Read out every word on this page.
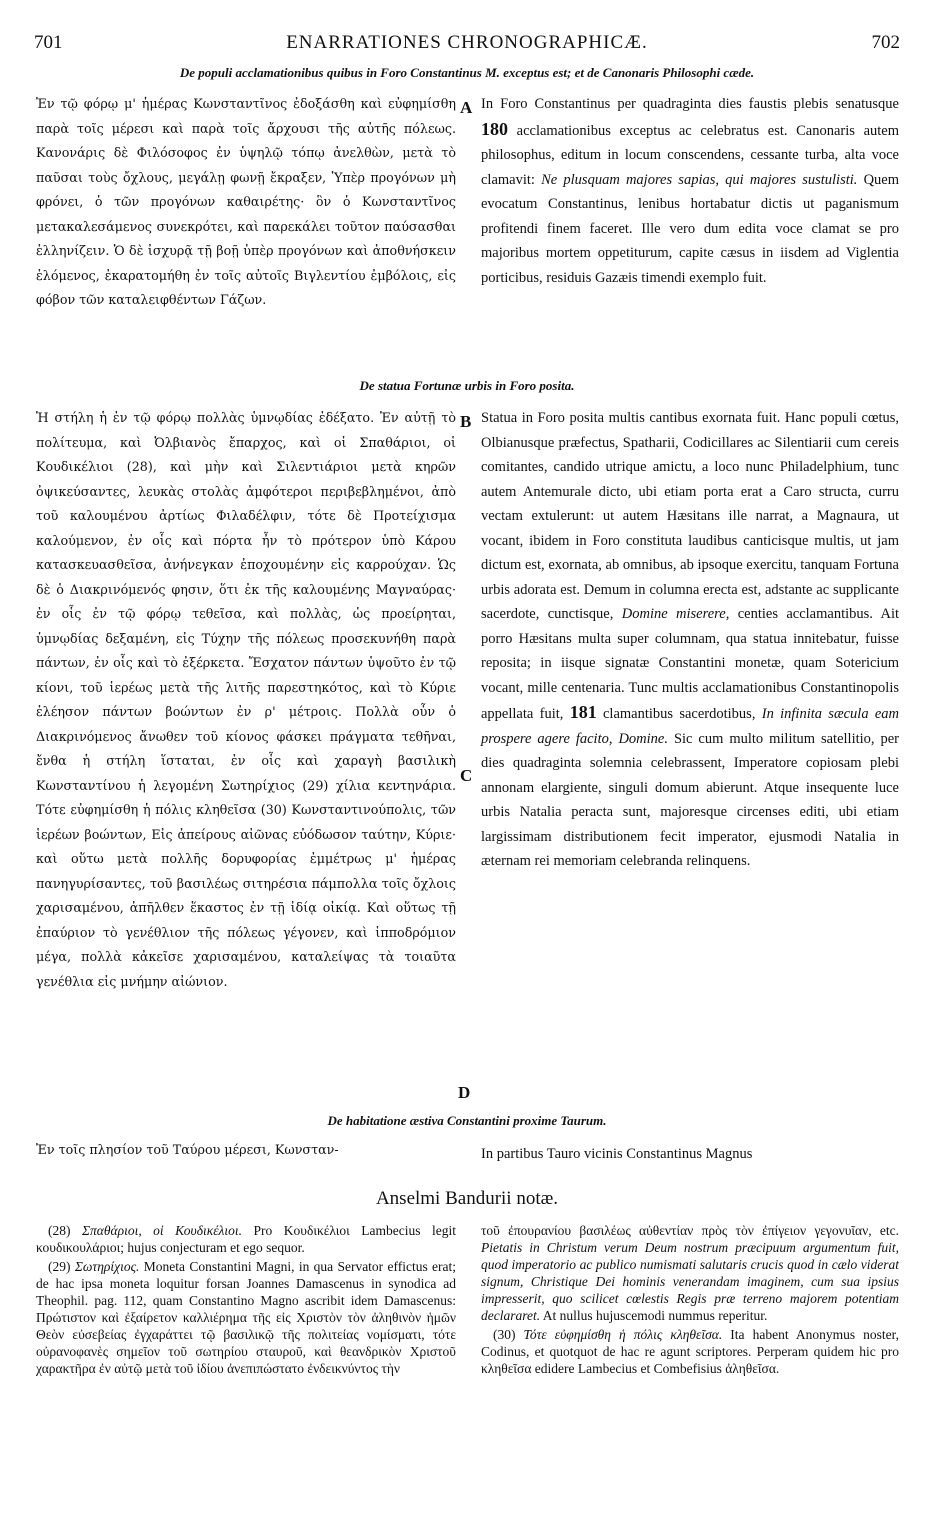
701	ENARRATIONES CHRONOGRAPHICÆ.	702
De populi acclamationibus quibus in Foro Constantinus M. exceptus est; et de Canonaris Philosophi cæde.
Ἐν τῷ φόρῳ μ' ἡμέρας Κωνσταντῖνος ἐδοξάσθη καὶ εὐφημίσθη παρὰ τοῖς μέρεσι καὶ παρὰ τοῖς ἄρχουσι τῆς αὐτῆς πόλεως. Κανονάρις δὲ Φιλόσοφος ἐν ὑψηλῷ τόπῳ ἀνελθὼν, μετὰ τὸ παῦσαι τοὺς ὄχλους, μεγάλῃ φωνῇ ἔκραξεν, Ὑπὲρ προγόνων μὴ φρόνει, ὁ τῶν προγόνων καθαιρέτης· ὃν ὁ Κωνσταντῖνος μετακαλεσάμενος συνεκρότει, καὶ παρεκάλει τοῦτον παύσασθαι ἑλληνίζειν. Ὁ δὲ ἰσχυρᾷ τῇ βοῇ ὑπὲρ προγόνων καὶ ἀποθνήσκειν ἑλόμενος, ἐκαρατομήθη ἐν τοῖς αὐτοῖς Βιγλεντίου ἐμβόλοις, εἰς φόβον τῶν καταλειφθέντων Γάζων.
In Foro Constantinus per quadraginta dies faustis plebis senatusque 180 acclamationibus exceptus ac celebratus est. Canonaris autem philosophus, editum in locum conscendens, cessante turba, alta voce clamavit: Ne plusquam majores sapias, qui majores sustulisti. Quem evocatum Constantinus, lenibus hortabatur dictis ut paganismum profitendi finem faceret. Ille vero dum edita voce clamat se pro majoribus mortem oppetiturum, capite cæsus in iisdem ad Viglentia porticibus, residuis Gazæis timendi exemplo fuit.
A
De statua Fortunæ urbis in Foro posita.
Ἡ στήλη ἡ ἐν τῷ φόρῳ πολλὰς ὑμνῳδίας ἐδέξατο. Ἐν αὐτῇ τὸ πολίτευμα, καὶ Ὀλβιανὸς ἔπαρχος, καὶ οἱ Σπαθάριοι, οἱ Κουδικέλιοι (28), καὶ μὴν καὶ Σιλεντιάριοι μετὰ κηρῶν ὀψικεύσαντες, λευκὰς στολὰς ἀμφότεροι περιβεβλημένοι, ἀπὸ τοῦ καλουμένου ἀρτίως Φιλαδέλφιν, τότε δὲ Προτείχισμα καλούμενον, ἐν οἷς καὶ πόρτα ἦν τὸ πρότερον ὑπὸ Κάρου κατασκευασθεῖσα, ἀνήνεγκαν ἐποχουμένην εἰς καρρούχαν. Ὡς δὲ ὁ Διακρινόμενός φησιν, ὅτι ἐκ τῆς καλουμένης Μαγναύρας· ἐν οἷς ἐν τῷ φόρῳ τεθεῖσα, καὶ πολλὰς, ὡς προείρηται, ὑμνῳδίας δεξαμένη, εἰς Τύχην τῆς πόλεως προσεκυνήθη παρὰ πάντων, ἐν οἷς καὶ τὸ ἐξέρκετα. Ἔσχατον πάντων ὑψοῦτο ἐν τῷ κίονι, τοῦ ἱερέως μετὰ τῆς λιτῆς παρεστηκότος, καὶ τὸ Κύριε ἐλέησον πάντων βοώντων ἐν ρ' μέτροις. Πολλὰ οὖν ὁ Διακρινόμενος ἄνωθεν τοῦ κίονος φάσκει πράγματα τεθῆναι, ἔνθα ἡ στήλη ἵσταται, ἐν οἷς καὶ χαραγὴ βασιλικὴ Κωνσταντίνου ἡ λεγομένη Σωτηρίχιος (29) χίλια κεντηνάρια. Τότε εὐφημίσθη ἡ πόλις κληθεῖσα (30) Κωνσταντινούπολις, τῶν ἱερέων βοώντων, Εἰς ἀπείρους αἰῶνας εὐόδωσον ταύτην, Κύριε· καὶ οὕτω μετὰ πολλῆς δορυφορίας ἐμμέτρως μ' ἡμέρας πανηγυρίσαντες, τοῦ βασιλέως σιτηρέσια πάμπολλα τοῖς ὄχλοις χαρισαμένου, ἀπῆλθεν ἕκαστος ἐν τῇ ἰδίᾳ οἰκίᾳ. Καὶ οὕτως τῇ ἐπαύριον τὸ γενέθλιον τῆς πόλεως γέγονεν, καὶ ἱπποδρόμιον μέγα, πολλὰ κἀκεῖσε χαρισαμένου, καταλείψας τὰ τοιαῦτα γενέθλια εἰς μνήμην αἰώνιον.
Statua in Foro posita multis cantibus exornata fuit. Hanc populi cœtus, Olbianusque præfectus, Spatharii, Codicillares ac Silentiarii cum cereis comitantes, candido utrique amictu, a loco nunc Philadelphium, tunc autem Antemurale dicto, ubi etiam porta erat a Caro structa, curru vectam extulerunt: ut autem Hæsitans ille narrat, a Magnaura, ut vocant, ibidem in Foro constituta laudibus canticisque multis, ut jam dictum est, exornata, ab omnibus, ab ipsoque exercitu, tanquam Fortuna urbis adorata est. Demum in columna erecta est, adstante ac supplicante sacerdote, cunctisque, Domine miserere, centies acclamantibus. Ait porro Hæsitans multa super columnam, qua statua innitebatur, fuisse reposita; in iisque signatæ Constantini monetæ, quam Sotericium vocant, mille centenaria. Tunc multis acclamationibus Constantinopolis appellata fuit, 181 clamantibus sacerdotibus, In infinita sæcula eam prospere agere facito, Domine. Sic cum multo militum satellitio, per dies quadraginta solemnia celebrassent, Imperatore copiosam plebi annonam elargiente, singuli domum abierunt. Atque insequente luce urbis Natalia peracta sunt, majoresque circenses editi, ubi etiam largissimam distributionem fecit imperator, ejusmodi Natalia in æternam rei memoriam celebranda relinquens.
B
C
D
De habitatione æstiva Constantini proxime Taurum.
Ἐν τοῖς πλησίον τοῦ Ταύρου μέρεσι, Κωνσταν-	In partibus Tauro vicinis Constantinus Magnus
Anselmi Bandurii notæ.

(28) Σπαθάριοι, οἱ Κουδικέλιοι. Pro Κουδικέλιοι Lambecius legit κουδικουλάριοι; hujus conjecturam et ego sequor.

(29) Σωτηρίχιος. Moneta Constantini Magni, in qua Servator effictus erat; de hac ipsa moneta loquitur forsan Joannes Damascenus in synodica ad Theophil. pag. 112, quam Constantino Magno ascribit idem Damascenus: Πρώτιστον καὶ ἐξαίρετον καλλιέρημα τῆς εἰς Χριστὸν τὸν ἀληθινὸν ἡμῶν Θεὸν εὐσεβείας ἐγχαράττει τῷ βασιλικῷ τῆς πολιτείας νομίσματι, τότε οὐρανοφανὲς σημεῖον τοῦ σωτηρίου σταυροῦ, καὶ θεανδρικὸν Χριστοῦ χαρακτῆρα ἐν αὐτῷ μετὰ τοῦ ἰδίου ἀνεπιπώστατο ἐνδεικνύντος τὴν

τοῦ ἐπουρανίου βασιλέως αὐθεντίαν πρὸς τὸν ἐπίγειον γεγονυῖαν, etc. Pietatis in Christum verum Deum nostrum præcipuum argumentum fuit, quod imperatorio ac publico numismati salutaris crucis quod in cælo viderat signum, Christique Dei hominis venerandam imaginem, cum sua ipsius impresserit, quo scilicet cœlestis Regis præ terreno majorem potentiam declararet. At nullus hujuscemodi nummus reperitur.

(30) Τότε εὐφημίσθη ἡ πόλις κληθεῖσα. Ita habent Anonymus noster, Codinus, et quotquot de hac re agunt scriptores. Perperam quidem hic pro κληθεῖσα edidere Lambecius et Combefisius ἀληθεῖσα.
